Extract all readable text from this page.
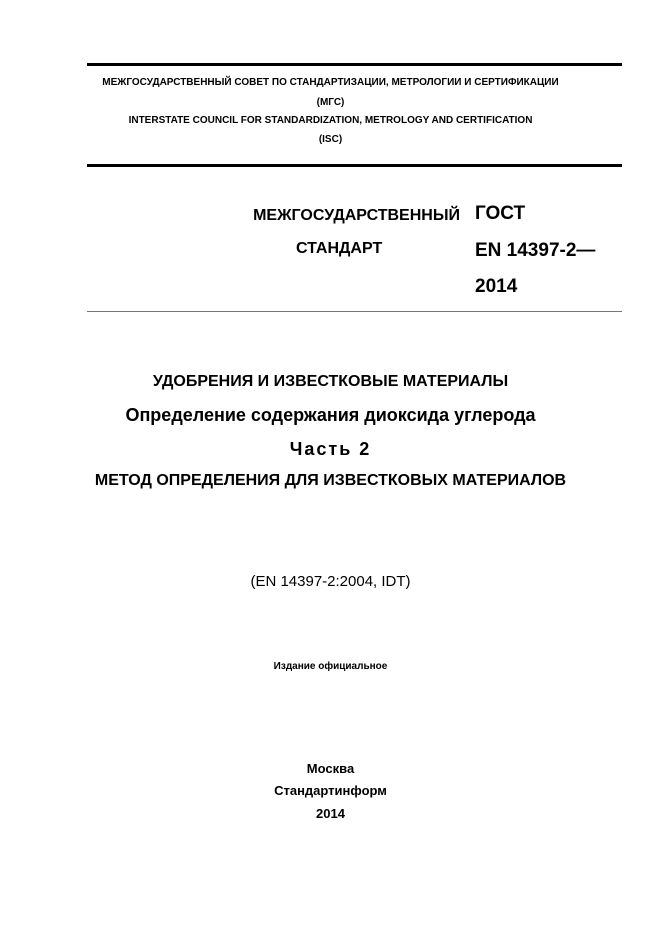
МЕЖГОСУДАРСТВЕННЫЙ СОВЕТ ПО СТАНДАРТИЗАЦИИ, МЕТРОЛОГИИ И СЕРТИФИКАЦИИ
(МГС)
INTERSTATE COUNCIL FOR STANDARDIZATION, METROLOGY AND CERTIFICATION
(ISC)
МЕЖГОСУДАРСТВЕННЫЙ
СТАНДАРТ
ГОСТ
EN 14397-2—
2014
УДОБРЕНИЯ И ИЗВЕСТКОВЫЕ МАТЕРИАЛЫ
Определение содержания диоксида углерода
Часть 2
МЕТОД ОПРЕДЕЛЕНИЯ ДЛЯ ИЗВЕСТКОВЫХ МАТЕРИАЛОВ
(EN 14397-2:2004, IDT)
Издание официальное
Москва
Стандартинформ
2014
